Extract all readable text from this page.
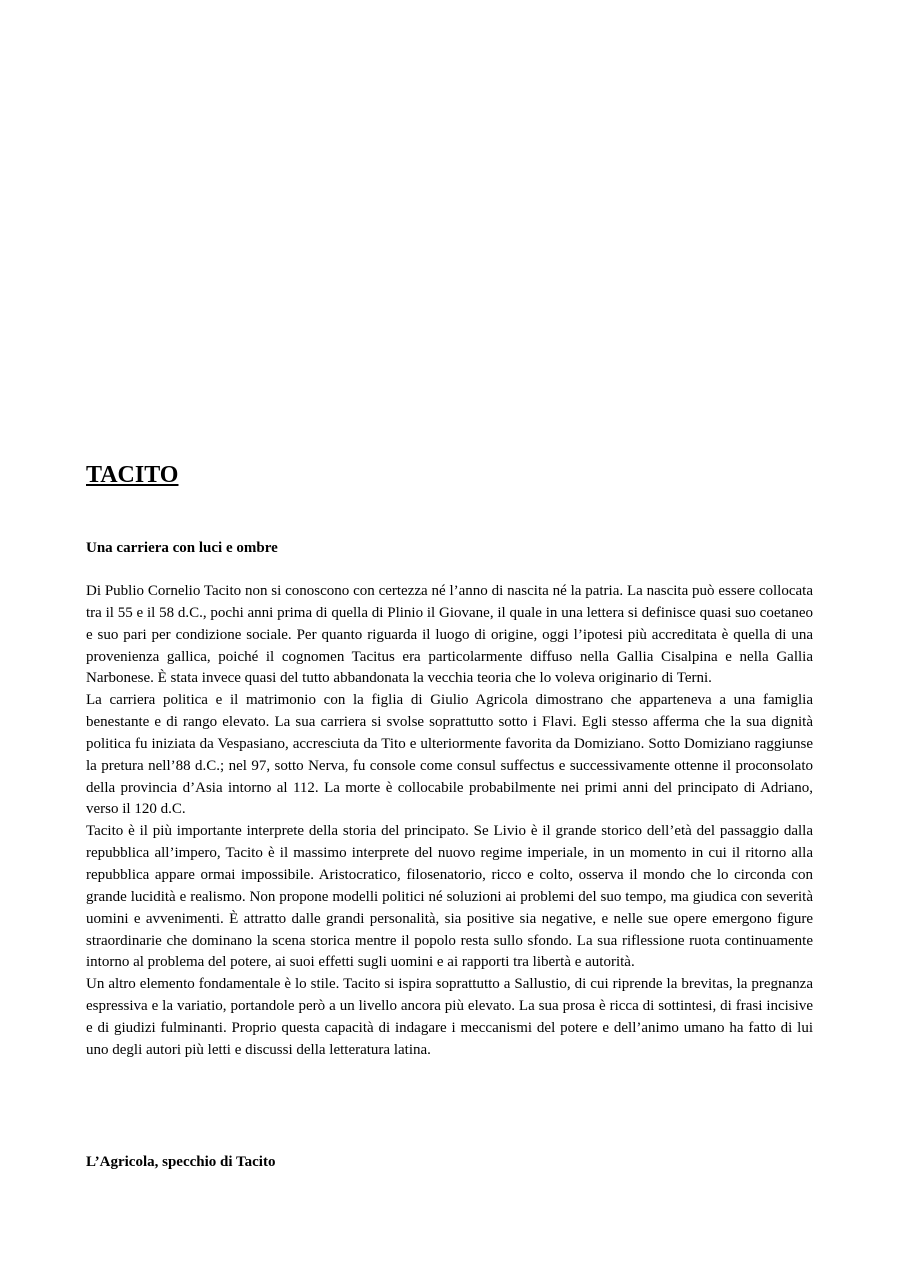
TACITO
Una carriera con luci e ombre

Di Publio Cornelio Tacito non si conoscono con certezza né l’anno di nascita né la patria. La nascita può essere collocata tra il 55 e il 58 d.C., pochi anni prima di quella di Plinio il Giovane, il quale in una lettera si definisce quasi suo coetaneo e suo pari per condizione sociale. Per quanto riguarda il luogo di origine, oggi l’ipotesi più accreditata è quella di una provenienza gallica, poiché il cognomen Tacitus era particolarmente diffuso nella Gallia Cisalpina e nella Gallia Narbonese. È stata invece quasi del tutto abbandonata la vecchia teoria che lo voleva originario di Terni.

La carriera politica e il matrimonio con la figlia di Giulio Agricola dimostrano che apparteneva a una famiglia benestante e di rango elevato. La sua carriera si svolse soprattutto sotto i Flavi. Egli stesso afferma che la sua dignità politica fu iniziata da Vespasiano, accresciuta da Tito e ulteriormente favorita da Domiziano. Sotto Domiziano raggiunse la pretura nell’88 d.C.; nel 97, sotto Nerva, fu console come consul suffectus e successivamente ottenne il proconsolato della provincia d’Asia intorno al 112. La morte è collocabile probabilmente nei primi anni del principato di Adriano, verso il 120 d.C.

Tacito è il più importante interprete della storia del principato. Se Livio è il grande storico dell’età del passaggio dalla repubblica all’impero, Tacito è il massimo interprete del nuovo regime imperiale, in un momento in cui il ritorno alla repubblica appare ormai impossibile. Aristocratico, filosenatorio, ricco e colto, osserva il mondo che lo circonda con grande lucidità e realismo. Non propone modelli politici né soluzioni ai problemi del suo tempo, ma giudica con severità uomini e avvenimenti. È attratto dalle grandi personalità, sia positive sia negative, e nelle sue opere emergono figure straordinarie che dominano la scena storica mentre il popolo resta sullo sfondo. La sua riflessione ruota continuamente intorno al problema del potere, ai suoi effetti sugli uomini e ai rapporti tra libertà e autorità.

Un altro elemento fondamentale è lo stile. Tacito si ispira soprattutto a Sallustio, di cui riprende la brevitas, la pregnanza espressiva e la variatio, portandole però a un livello ancora più elevato. La sua prosa è ricca di sottintesi, di frasi incisive e di giudizi fulminanti. Proprio questa capacità di indagare i meccanismi del potere e dell’animo umano ha fatto di lui uno degli autori più letti e discussi della letteratura latina.

L’Agricola, specchio di Tacito
